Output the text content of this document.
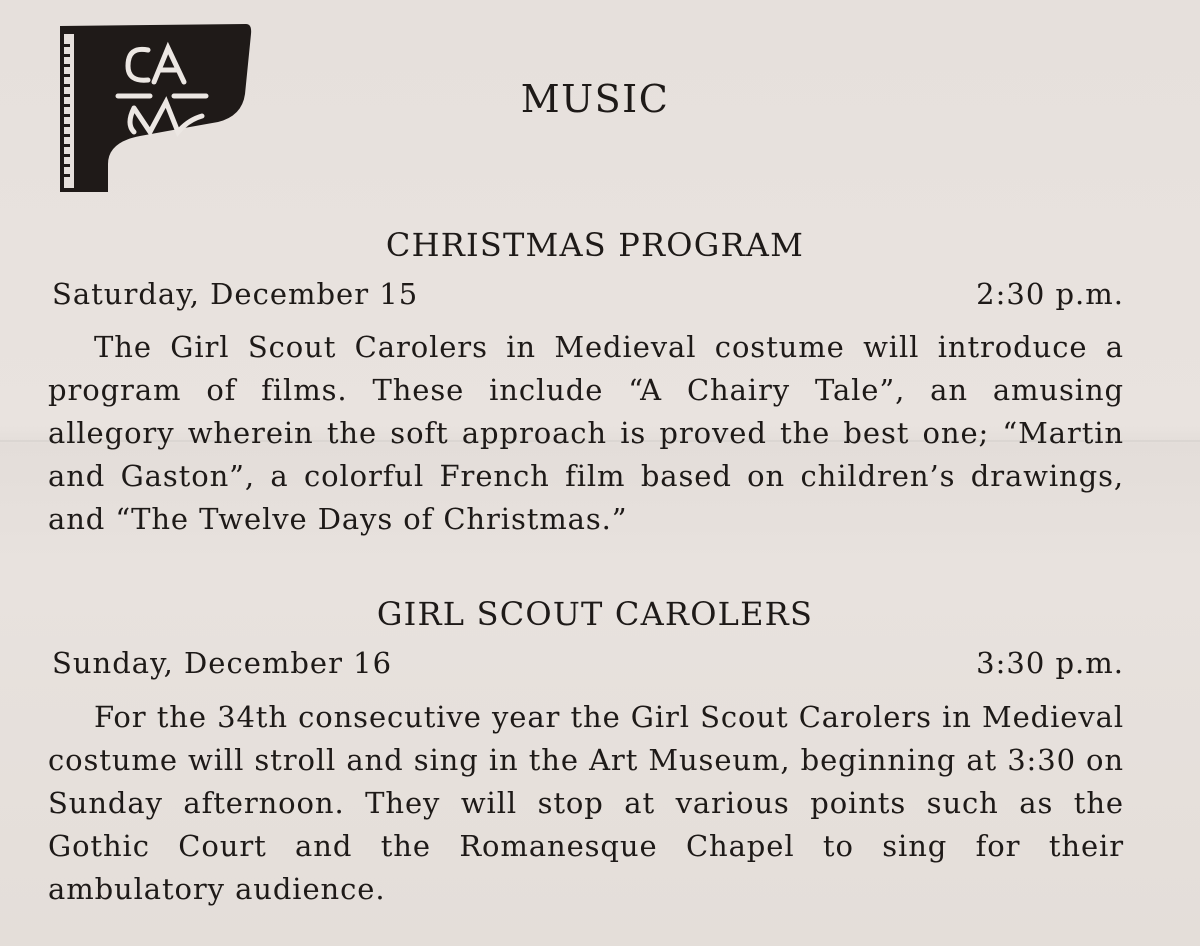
MUSIC
CHRISTMAS PROGRAM
Saturday, December 15	2:30 p.m.

The Girl Scout Carolers in Medieval costume will introduce a program of films. These include “A Chairy Tale”, an amusing allegory wherein the soft approach is proved the best one; “Martin and Gaston”, a colorful French film based on children’s drawings, and “The Twelve Days of Christmas.”

GIRL SCOUT CAROLERS
Sunday, December 16	3:30 p.m.

For the 34th consecutive year the Girl Scout Carolers in Medieval costume will stroll and sing in the Art Museum, beginning at 3:30 on Sunday afternoon. They will stop at various points such as the Gothic Court and the Romanesque Chapel to sing for their ambulatory audience.
